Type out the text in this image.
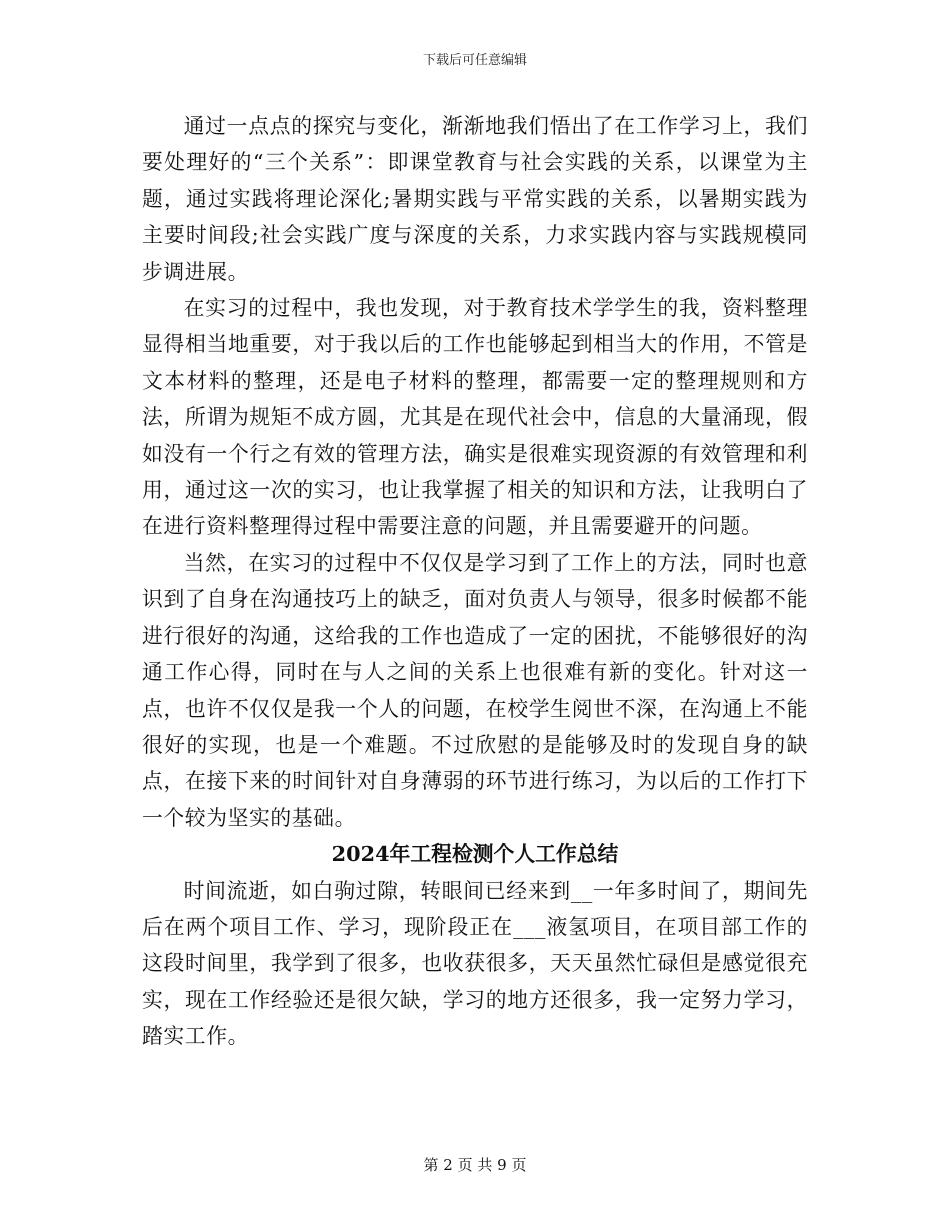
下载后可任意编辑

通过一点点的探究与变化，渐渐地我们悟出了在工作学习上，我们要处理好的“三个关系”：即课堂教育与社会实践的关系，以课堂为主题，通过实践将理论深化;暑期实践与平常实践的关系，以暑期实践为主要时间段;社会实践广度与深度的关系，力求实践内容与实践规模同步调进展。

在实习的过程中，我也发现，对于教育技术学学生的我，资料整理显得相当地重要，对于我以后的工作也能够起到相当大的作用，不管是文本材料的整理，还是电子材料的整理，都需要一定的整理规则和方法，所谓为规矩不成方圆，尤其是在现代社会中，信息的大量涌现，假如没有一个行之有效的管理方法，确实是很难实现资源的有效管理和利用，通过这一次的实习，也让我掌握了相关的知识和方法，让我明白了在进行资料整理得过程中需要注意的问题，并且需要避开的问题。

当然，在实习的过程中不仅仅是学习到了工作上的方法，同时也意识到了自身在沟通技巧上的缺乏，面对负责人与领导，很多时候都不能进行很好的沟通，这给我的工作也造成了一定的困扰，不能够很好的沟通工作心得，同时在与人之间的关系上也很难有新的变化。针对这一点，也许不仅仅是我一个人的问题，在校学生阅世不深，在沟通上不能很好的实现，也是一个难题。不过欣慰的是能够及时的发现自身的缺点，在接下来的时间针对自身薄弱的环节进行练习，为以后的工作打下一个较为坚实的基础。

2024年工程检测个人工作总结

时间流逝，如白驹过隙，转眼间已经来到__一年多时间了，期间先后在两个项目工作、学习，现阶段正在___液氢项目，在项目部工作的这段时间里，我学到了很多，也收获很多，天天虽然忙碌但是感觉很充实，现在工作经验还是很欠缺，学习的地方还很多，我一定努力学习，踏实工作。

第 2 页 共 9 页
